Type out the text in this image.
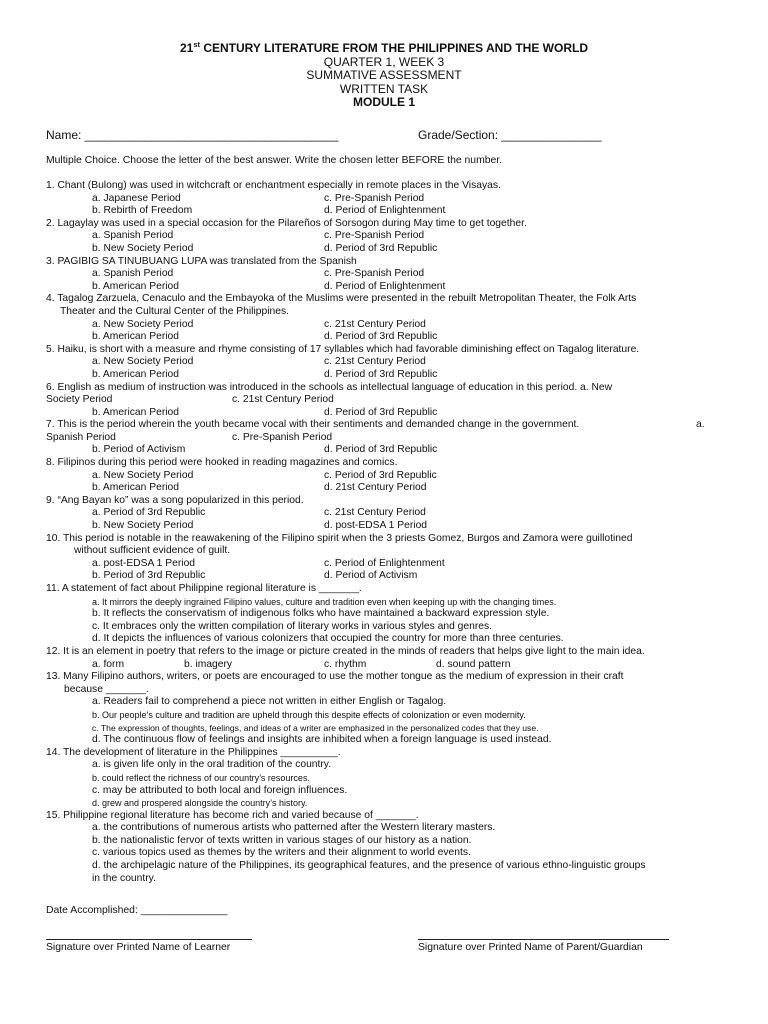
21st CENTURY LITERATURE FROM THE PHILIPPINES AND THE WORLD
QUARTER 1, WEEK 3
SUMMATIVE ASSESSMENT
WRITTEN TASK
MODULE 1
Name: ______________________________________	Grade/Section: _______________
Multiple Choice. Choose the letter of the best answer. Write the chosen letter BEFORE the number.
1. Chant (Bulong) was used in witchcraft or enchantment especially in remote places in the Visayas.
a. Japanese Period	c. Pre-Spanish Period
b. Rebirth of Freedom	d. Period of Enlightenment
2. Lagaylay was used in a special occasion for the Pilareños of Sorsogon during May time to get together.
a. Spanish Period	c. Pre-Spanish Period
b. New Society Period	d. Period of 3rd Republic
3. PAGIBIG SA TINUBUANG LUPA was translated from the Spanish
a. Spanish Period	c. Pre-Spanish Period
b. American Period	d. Period of Enlightenment
4. Tagalog Zarzuela, Cenaculo and the Embayoka of the Muslims were presented in the rebuilt Metropolitan Theater, the Folk Arts
Theater and the Cultural Center of the Philippines.
a. New Society Period	c. 21st Century Period
b. American Period	d. Period of 3rd Republic
5. Haiku, is short with a measure and rhyme consisting of 17 syllables which had favorable diminishing effect on Tagalog literature.
a. New Society Period	c. 21st Century Period
b. American Period	d. Period of 3rd Republic
6. English as medium of instruction was introduced in the schools as intellectual language of education in this period. a. New
Society Period	c. 21st Century Period
b. American Period	d. Period of 3rd Republic
7. This is the period wherein the youth became vocal with their sentiments and demanded change in the government.	a.
Spanish Period	c. Pre-Spanish Period
b. Period of Activism	d. Period of 3rd Republic
8. Filipinos during this period were hooked in reading magazines and comics.
a. New Society Period	c. Period of 3rd Republic
b. American Period	d. 21st Century Period
9. “Ang Bayan ko” was a song popularized in this period.
a. Period of 3rd Republic	c. 21st Century Period
b. New Society Period	d. post-EDSA 1 Period
10. This period is notable in the reawakening of the Filipino spirit when the 3 priests Gomez, Burgos and Zamora were guillotined
without sufficient evidence of guilt.
a. post-EDSA 1 Period	c. Period of Enlightenment
b. Period of 3rd Republic	d. Period of Activism
11. A statement of fact about Philippine regional literature is _______.
a. It mirrors the deeply ingrained Filipino values, culture and tradition even when keeping up with the changing times.
b. It reflects the conservatism of indigenous folks who have maintained a backward expression style.
c. It embraces only the written compilation of literary works in various styles and genres.
d. It depicts the influences of various colonizers that occupied the country for more than three centuries.
12. It is an element in poetry that refers to the image or picture created in the minds of readers that helps give light to the main idea.
a. form	b. imagery	c. rhythm	d. sound pattern
13. Many Filipino authors, writers, or poets are encouraged to use the mother tongue as the medium of expression in their craft
because _______.
a. Readers fail to comprehend a piece not written in either English or Tagalog.
b. Our people’s culture and tradition are upheld through this despite effects of colonization or even modernity.
c. The expression of thoughts, feelings, and ideas of a writer are emphasized in the personalized codes that they use.
d. The continuous flow of feelings and insights are inhibited when a foreign language is used instead.
14. The development of literature in the Philippines __________.
a. is given life only in the oral tradition of the country.
b. could reflect the richness of our country’s resources.
c. may be attributed to both local and foreign influences.
d. grew and prospered alongside the country’s history.
15. Philippine regional literature has become rich and varied because of _______.
a. the contributions of numerous artists who patterned after the Western literary masters.
b. the nationalistic fervor of texts written in various stages of our history as a nation.
c. various topics used as themes by the writers and their alignment to world events.
d. the archipelagic nature of the Philippines, its geographical features, and the presence of various ethno-linguistic groups
in the country.
Date Accomplished: _______________
Signature over Printed Name of Learner	Signature over Printed Name of Parent/Guardian
